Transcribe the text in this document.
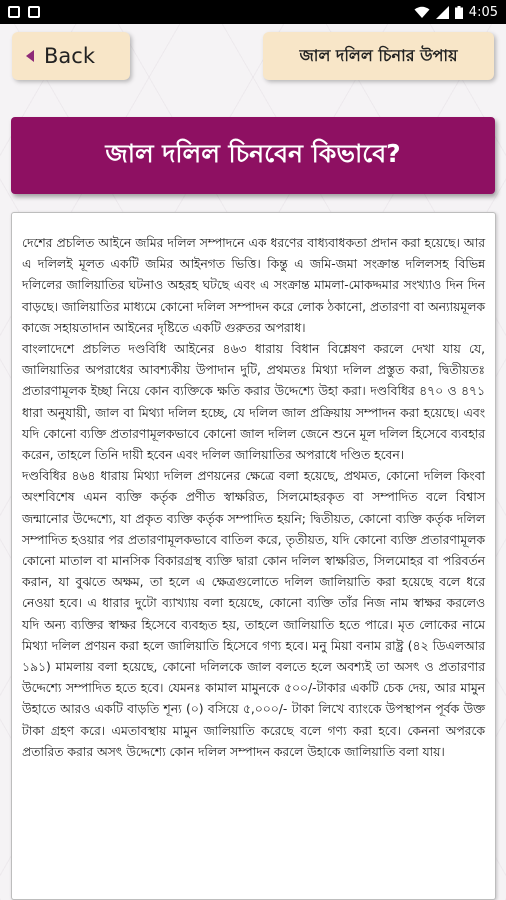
4:05
Back	জাল দলিল চিনার উপায়
জাল দলিল চিনবেন কিভাবে?

দেশের প্রচলিত আইনে জমির দলিল সম্পাদনে এক ধরণের বাধ্যবাধকতা প্রদান করা হয়েছে। আর এ দলিলই মূলত একটি জমির আইনগত ভিত্তি। কিন্তু এ জমি-জমা সংক্রান্ত দলিলসহ বিভিন্ন দলিলের জালিয়াতির ঘটনাও অহরহ ঘটছে এবং এ সংক্রান্ত মামলা-মোকদ্দমার সংখ্যাও দিন দিন বাড়ছে। জালিয়াতির মাধ্যমে কোনো দলিল সম্পাদন করে লোক ঠকানো, প্রতারণা বা অন্যায়মূলক কাজে সহায়তাদান আইনের দৃষ্টিতে একটি গুরুতর অপরাধ।

বাংলাদেশে প্রচলিত দণ্ডবিধি আইনের ৪৬৩ ধারায় বিধান বিশ্লেষণ করলে দেখা যায় যে, জালিয়াতির অপরাধের আবশ্যকীয় উপাদান দুটি, প্রথমতঃ মিথ্যা দলিল প্রস্তুত করা, দ্বিতীয়তঃ প্রতারণামূলক ইচ্ছা নিয়ে কোন ব্যক্তিকে ক্ষতি করার উদ্দেশ্যে উহা করা। দণ্ডবিধির ৪৭০ ও ৪৭১ ধারা অনুযায়ী, জাল বা মিথ্যা দলিল হচ্ছে, যে দলিল জাল প্রক্রিয়ায় সম্পাদন করা হয়েছে। এবং যদি কোনো ব্যক্তি প্রতারণামূলকভাবে কোনো জাল দলিল জেনে শুনে মূল দলিল হিসেবে ব্যবহার করেন, তাহলে তিনি দায়ী হবেন এবং দলিল জালিয়াতির অপরাধে দণ্ডিত হবেন।

দণ্ডবিধির ৪৬৪ ধারায় মিথ্যা দলিল প্রণয়নের ক্ষেত্রে বলা হয়েছে, প্রথমত, কোনো দলিল কিংবা অংশবিশেষ এমন ব্যক্তি কর্তৃক প্রণীত স্বাক্ষরিত, সিলমোহরকৃত বা সম্পাদিত বলে বিশ্বাস জন্মানোর উদ্দেশ্যে, যা প্রকৃত ব্যক্তি কর্তৃক সম্পাদিত হয়নি; দ্বিতীয়ত, কোনো ব্যক্তি কর্তৃক দলিল সম্পাদিত হওয়ার পর প্রতারণামূলকভাবে বাতিল করে, তৃতীয়ত, যদি কোনো ব্যক্তি প্রতারণামূলক কোনো মাতাল বা মানসিক বিকারগ্রস্থ ব্যক্তি দ্বারা কোন দলিল স্বাক্ষরিত, সিলমোহর বা পরিবর্তন করান, যা বুঝতে অক্ষম, তা হলে এ ক্ষেত্রগুলোতে দলিল জালিয়াতি করা হয়েছে বলে ধরে নেওয়া হবে। এ ধারার দুটো ব্যাখ্যায় বলা হয়েছে, কোনো ব্যক্তি তাঁর নিজ নাম স্বাক্ষর করলেও যদি অন্য ব্যক্তির স্বাক্ষর হিসেবে ব্যবহৃত হয়, তাহলে জালিয়াতি হতে পারে। মৃত লোকের নামে মিথ্যা দলিল প্রণয়ন করা হলে জালিয়াতি হিসেবে গণ্য হবে। মনু মিয়া বনাম রাষ্ট্র (৪২ ডিএলআর ১৯১) মামলায় বলা হয়েছে, কোনো দলিলকে জাল বলতে হলে অবশ্যই তা অসৎ ও প্রতারণার উদ্দেশ্যে সম্পাদিত হতে হবে। যেমনঃ কামাল মামুনকে ৫০০/-টাকার একটি চেক দেয়, আর মামুন উহাতে আরও একটি বাড়তি শূন্য (০) বসিয়ে ৫,০০০/- টাকা লিখে ব্যাংকে উপস্থাপন পূর্বক উক্ত টাকা গ্রহণ করে। এমতাবস্থায় মামুন জালিয়াতি করেছে বলে গণ্য করা হবে। কেননা অপরকে প্রতারিত করার অসৎ উদ্দেশ্যে কোন দলিল সম্পাদন করলে উহাকে জালিয়াতি বলা যায়।
